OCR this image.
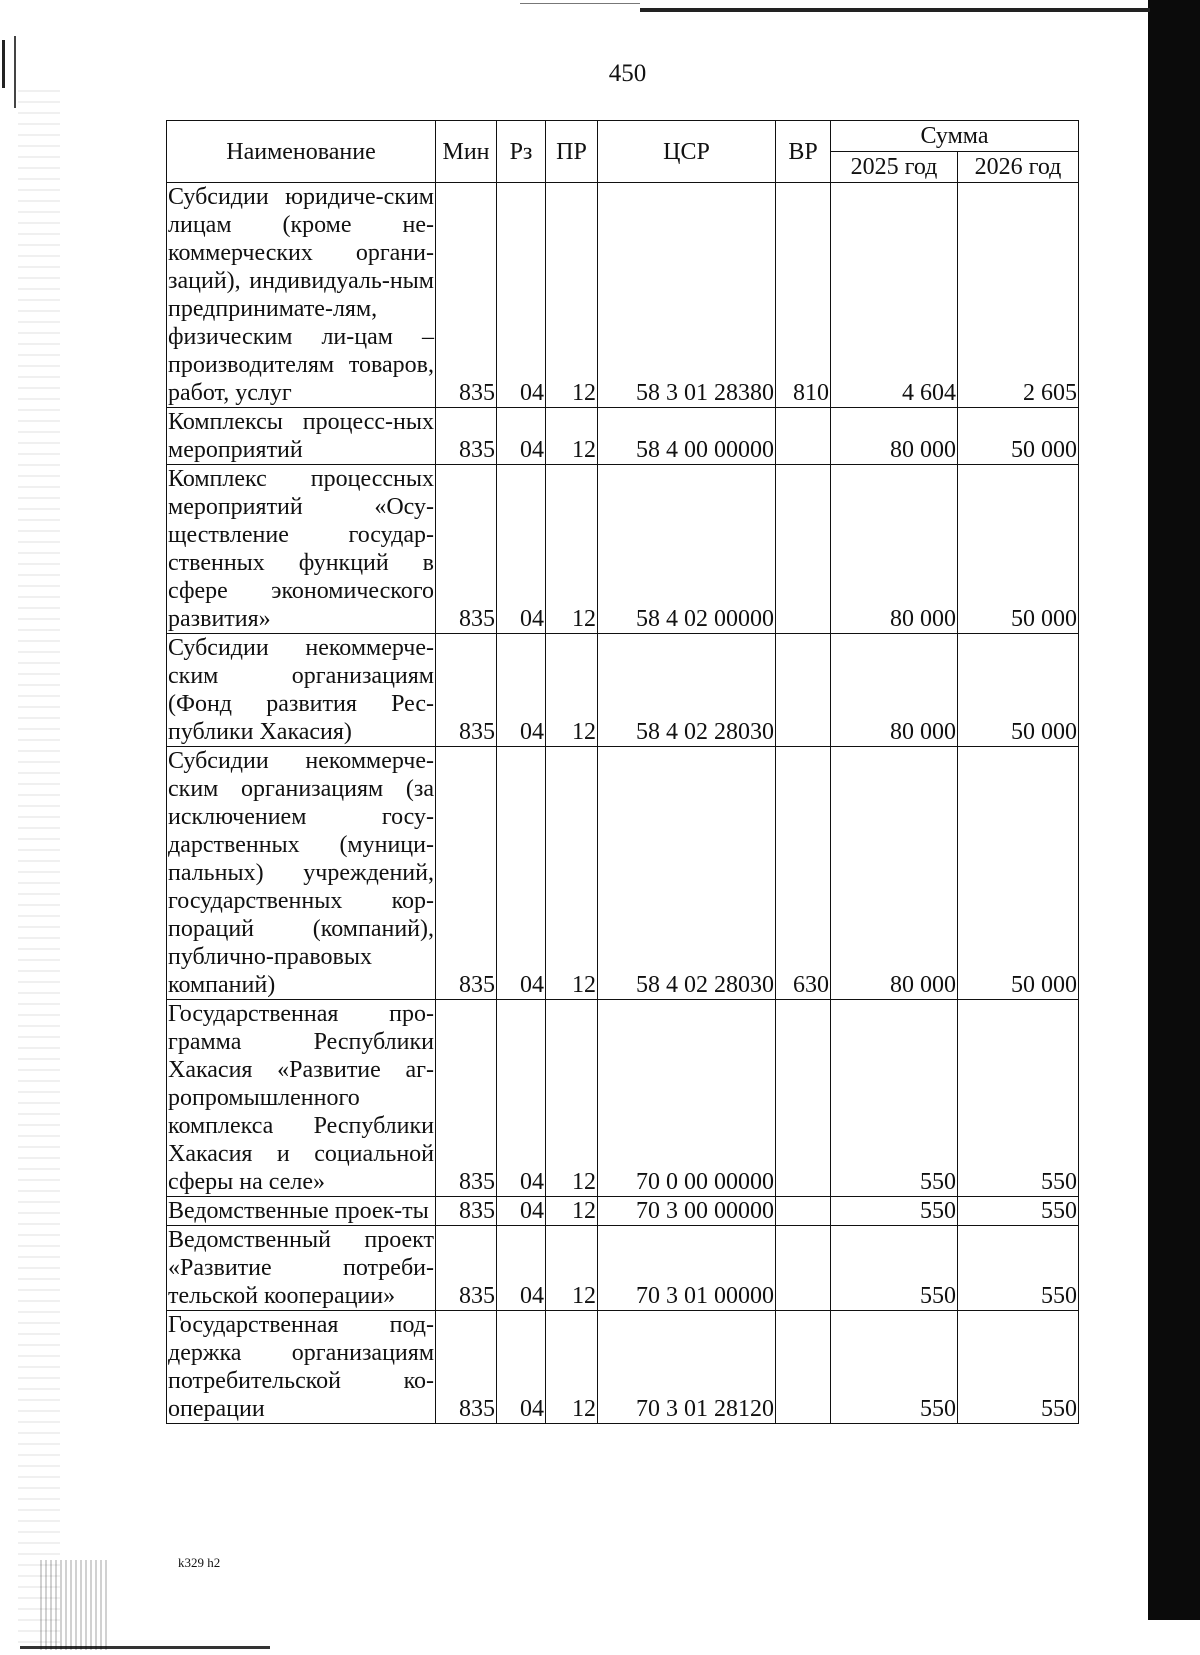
450
Наименование	Мин	Рз	ПР	ЦСР	ВР	Сумма	
						2025 год	2026 год
Субсидии юридиче-ским лицам (кроме не-коммерческих органи-заций), индивидуаль-ным предпринимате-лям, физическим ли-цам – производителям товаров, работ, услуг	835	04	12	58 3 01 28380	810	4 604	2 605
Комплексы процесс-ных мероприятий	835	04	12	58 4 00 00000		80 000	50 000
Комплекс процессных мероприятий «Осу-ществление государ-ственных функций в сфере экономического развития»	835	04	12	58 4 02 00000		80 000	50 000
Субсидии некоммерче-ским организациям (Фонд развития Рес-публики Хакасия)	835	04	12	58 4 02 28030		80 000	50 000
Субсидии некоммерче-ским организациям (за исключением госу-дарственных (муници-пальных) учреждений, государственных кор-пораций (компаний), публично-правовых компаний)	835	04	12	58 4 02 28030	630	80 000	50 000
Государственная про-грамма Республики Хакасия «Развитие аг-ропромышленного комплекса Республики Хакасия и социальной сферы на селе»	835	04	12	70 0 00 00000		550	550
Ведомственные проек-ты	835	04	12	70 3 00 00000		550	550
Ведомственный проект «Развитие потреби-тельской кооперации»	835	04	12	70 3 01 00000		550	550
Государственная под-держка организациям потребительской ко-операции	835	04	12	70 3 01 28120		550	550
k329 h2
